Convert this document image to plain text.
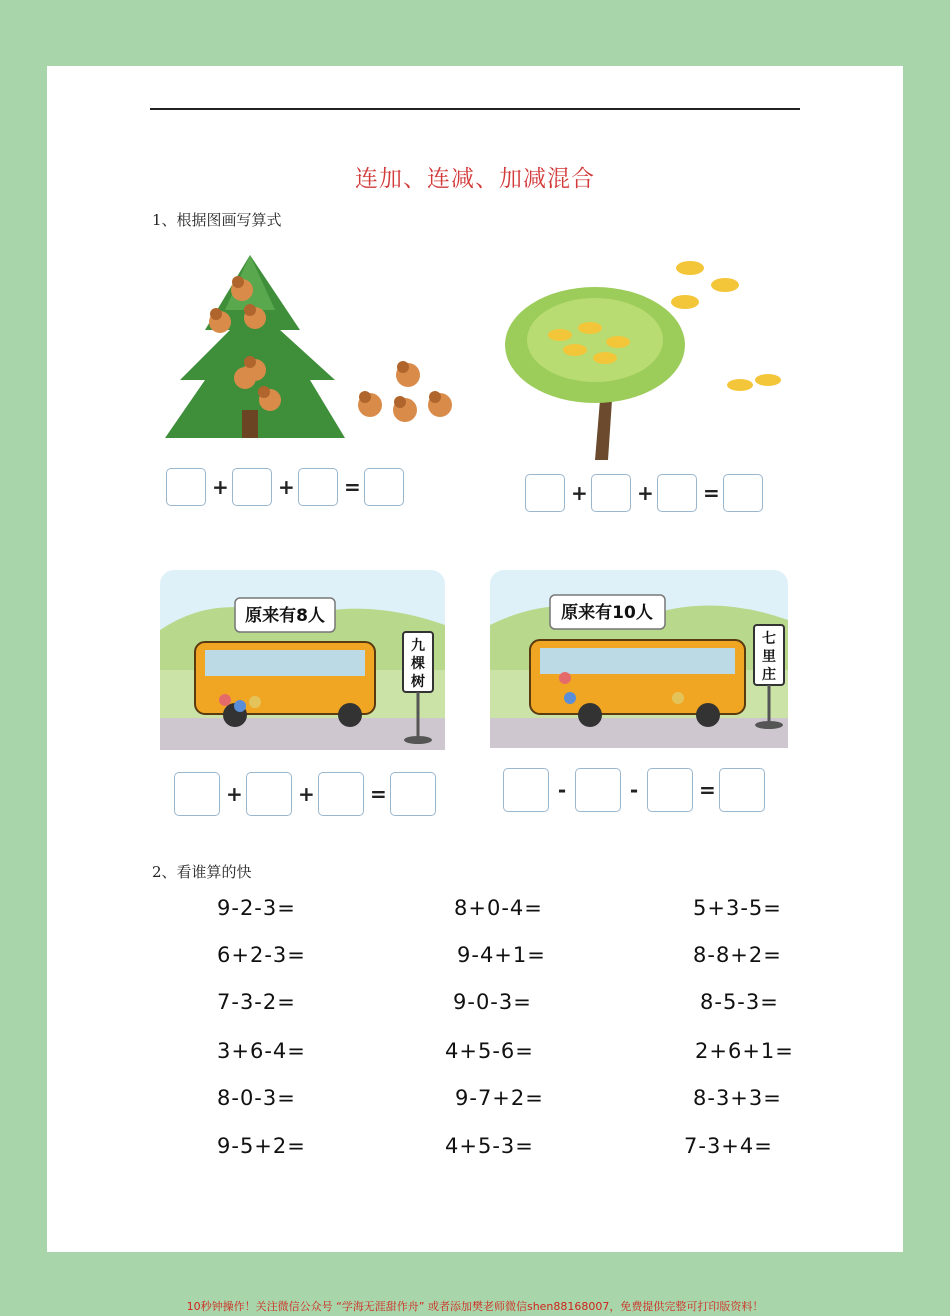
连加、连减、加减混合
1、根据图画写算式
+ + =	+ + =
原来有8人
九
棵
树
原来有10人
七
里
庄
+	+	=	-	-	=
2、看谁算的快
9-2-3=	8+0-4=	5+3-5=
6+2-3=	9-4+1=	8-8+2=
7-3-2=	9-0-3=	8-5-3=
3+6-4=	4+5-6=	2+6+1=
8-0-3=	9-7+2=	8-3+3=
9-5+2=	4+5-3=	7-3+4=
10秒钟操作！关注微信公众号 “学海无涯甜作舟” 或者添加樊老师微信shen88168007，免费提供完整可打印版资料！
